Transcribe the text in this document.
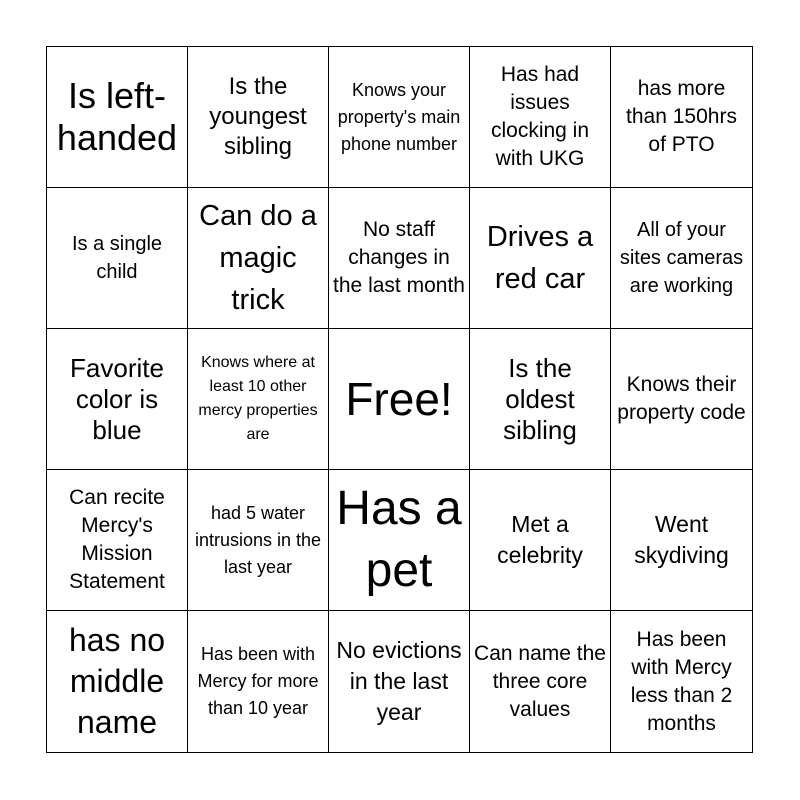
Is left-handed
Is the youngest sibling
Knows your property's main phone number
Has had issues clocking in with UKG
has more than 150hrs of PTO
Is a single child
Can do a magic trick
No staff changes in the last month
Drives a red car
All of your sites cameras are working
Favorite color is blue
Knows where at least 10 other mercy properties are
Free!
Is the oldest sibling
Knows their property code
Can recite Mercy's Mission Statement
had 5 water intrusions in the last year
Has a pet
Met a celebrity
Went skydiving
has no middle name
Has been with Mercy for more than 10 year
No evictions in the last year
Can name the three core values
Has been with Mercy less than 2 months
